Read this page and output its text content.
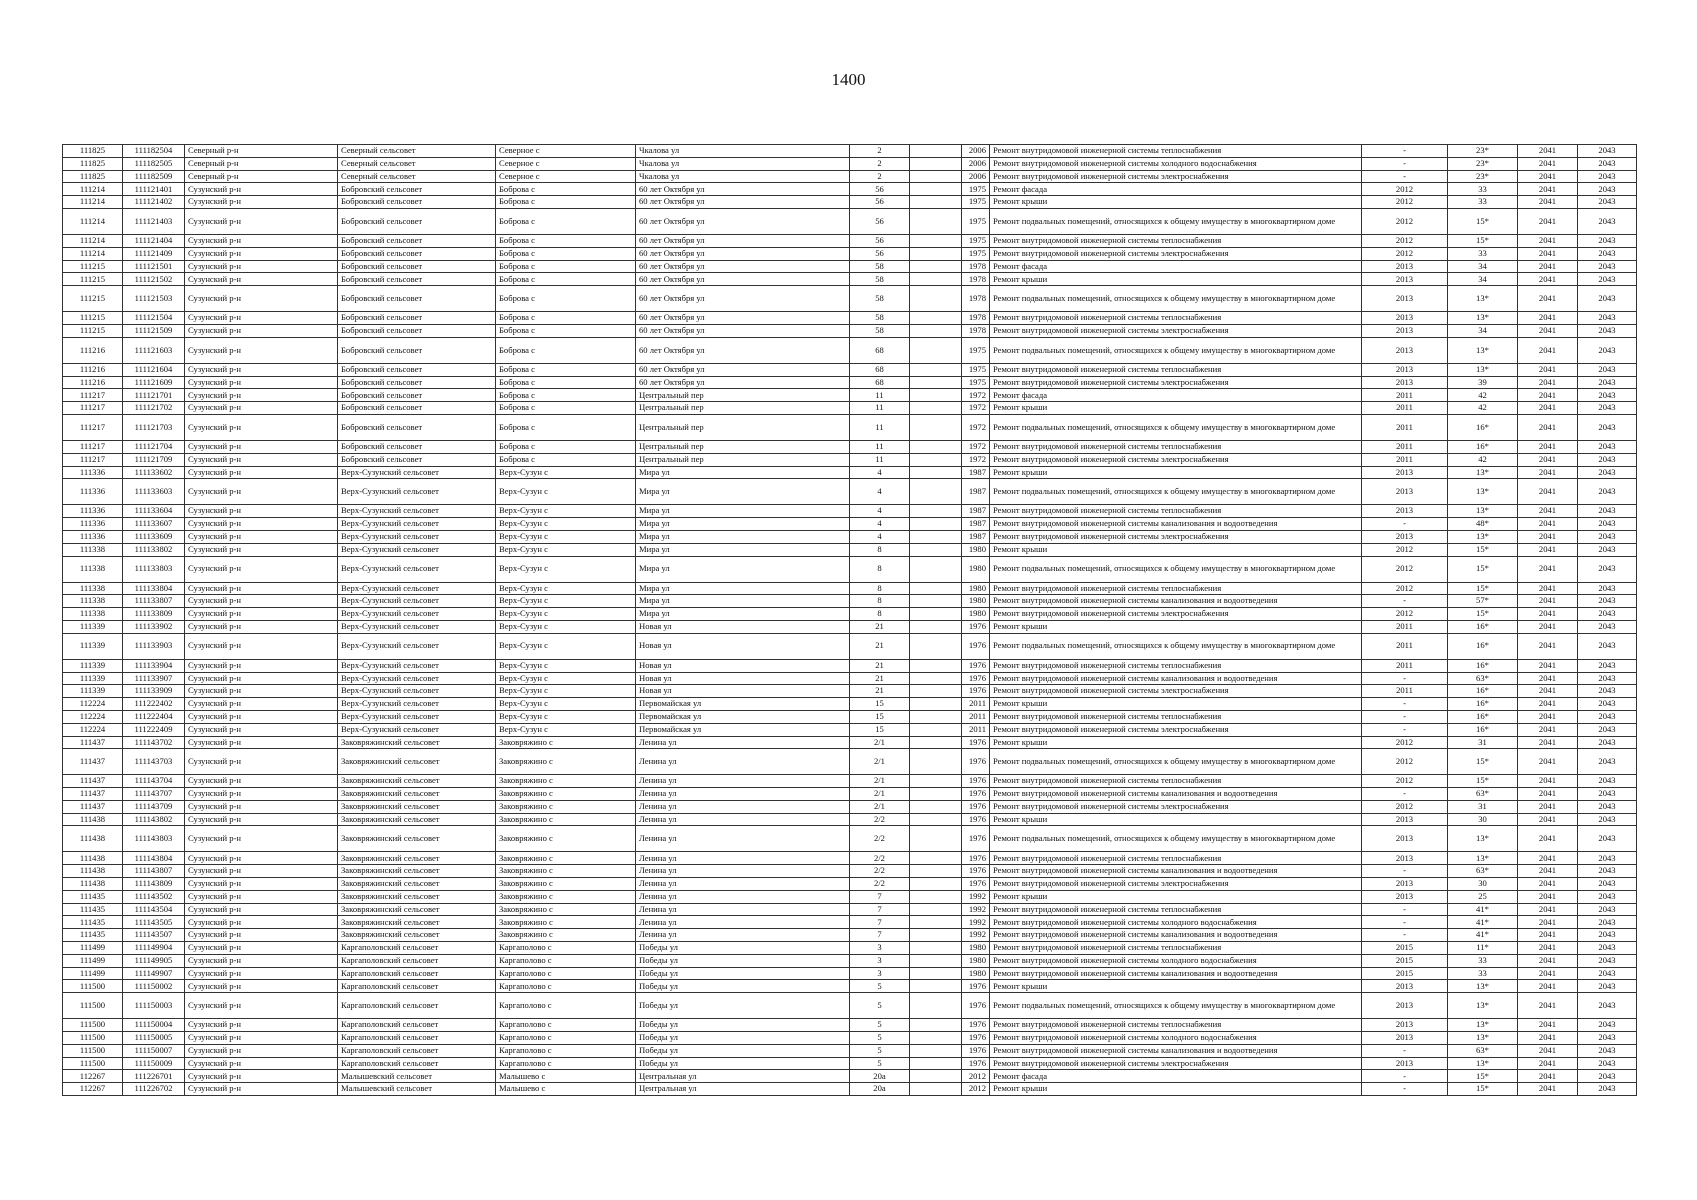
1400
111825	111182504	Северный р-н	Северный сельсовет	Северное с	Чкалова ул	2		2006	Ремонт внутридомовой инженерной системы теплоснабжения	-	23*	2041	2043
111825	111182505	Северный р-н	Северный сельсовет	Северное с	Чкалова ул	2		2006	Ремонт внутридомовой инженерной системы холодного водоснабжения	-	23*	2041	2043
111825	111182509	Северный р-н	Северный сельсовет	Северное с	Чкалова ул	2		2006	Ремонт внутридомовой инженерной системы электроснабжения	-	23*	2041	2043
111214	111121401	Сузунский р-н	Бобровский сельсовет	Боброва с	60 лет Октября ул	56		1975	Ремонт фасада	2012	33	2041	2043
111214	111121402	Сузунский р-н	Бобровский сельсовет	Боброва с	60 лет Октября ул	56		1975	Ремонт крыши	2012	33	2041	2043
111214	111121403	Сузунский р-н	Бобровский сельсовет	Боброва с	60 лет Октября ул	56		1975	Ремонт подвальных помещений, относящихся к общему имуществу в многоквартирном доме	2012	15*	2041	2043
111214	111121404	Сузунский р-н	Бобровский сельсовет	Боброва с	60 лет Октября ул	56		1975	Ремонт внутридомовой инженерной системы теплоснабжения	2012	15*	2041	2043
111214	111121409	Сузунский р-н	Бобровский сельсовет	Боброва с	60 лет Октября ул	56		1975	Ремонт внутридомовой инженерной системы электроснабжения	2012	33	2041	2043
111215	111121501	Сузунский р-н	Бобровский сельсовет	Боброва с	60 лет Октября ул	58		1978	Ремонт фасада	2013	34	2041	2043
111215	111121502	Сузунский р-н	Бобровский сельсовет	Боброва с	60 лет Октября ул	58		1978	Ремонт крыши	2013	34	2041	2043
111215	111121503	Сузунский р-н	Бобровский сельсовет	Боброва с	60 лет Октября ул	58		1978	Ремонт подвальных помещений, относящихся к общему имуществу в многоквартирном доме	2013	13*	2041	2043
111215	111121504	Сузунский р-н	Бобровский сельсовет	Боброва с	60 лет Октября ул	58		1978	Ремонт внутридомовой инженерной системы теплоснабжения	2013	13*	2041	2043
111215	111121509	Сузунский р-н	Бобровский сельсовет	Боброва с	60 лет Октября ул	58		1978	Ремонт внутридомовой инженерной системы электроснабжения	2013	34	2041	2043
111216	111121603	Сузунский р-н	Бобровский сельсовет	Боброва с	60 лет Октября ул	68		1975	Ремонт подвальных помещений, относящихся к общему имуществу в многоквартирном доме	2013	13*	2041	2043
111216	111121604	Сузунский р-н	Бобровский сельсовет	Боброва с	60 лет Октября ул	68		1975	Ремонт внутридомовой инженерной системы теплоснабжения	2013	13*	2041	2043
111216	111121609	Сузунский р-н	Бобровский сельсовет	Боброва с	60 лет Октября ул	68		1975	Ремонт внутридомовой инженерной системы электроснабжения	2013	39	2041	2043
111217	111121701	Сузунский р-н	Бобровский сельсовет	Боброва с	Центральный пер	11		1972	Ремонт фасада	2011	42	2041	2043
111217	111121702	Сузунский р-н	Бобровский сельсовет	Боброва с	Центральный пер	11		1972	Ремонт крыши	2011	42	2041	2043
111217	111121703	Сузунский р-н	Бобровский сельсовет	Боброва с	Центральный пер	11		1972	Ремонт подвальных помещений, относящихся к общему имуществу в многоквартирном доме	2011	16*	2041	2043
111217	111121704	Сузунский р-н	Бобровский сельсовет	Боброва с	Центральный пер	11		1972	Ремонт внутридомовой инженерной системы теплоснабжения	2011	16*	2041	2043
111217	111121709	Сузунский р-н	Бобровский сельсовет	Боброва с	Центральный пер	11		1972	Ремонт внутридомовой инженерной системы электроснабжения	2011	42	2041	2043
111336	111133602	Сузунский р-н	Верх-Сузунский сельсовет	Верх-Сузун с	Мира ул	4		1987	Ремонт крыши	2013	13*	2041	2043
111336	111133603	Сузунский р-н	Верх-Сузунский сельсовет	Верх-Сузун с	Мира ул	4		1987	Ремонт подвальных помещений, относящихся к общему имуществу в многоквартирном доме	2013	13*	2041	2043
111336	111133604	Сузунский р-н	Верх-Сузунский сельсовет	Верх-Сузун с	Мира ул	4		1987	Ремонт внутридомовой инженерной системы теплоснабжения	2013	13*	2041	2043
111336	111133607	Сузунский р-н	Верх-Сузунский сельсовет	Верх-Сузун с	Мира ул	4		1987	Ремонт внутридомовой инженерной системы канализования и водоотведения	-	48*	2041	2043
111336	111133609	Сузунский р-н	Верх-Сузунский сельсовет	Верх-Сузун с	Мира ул	4		1987	Ремонт внутридомовой инженерной системы электроснабжения	2013	13*	2041	2043
111338	111133802	Сузунский р-н	Верх-Сузунский сельсовет	Верх-Сузун с	Мира ул	8		1980	Ремонт крыши	2012	15*	2041	2043
111338	111133803	Сузунский р-н	Верх-Сузунский сельсовет	Верх-Сузун с	Мира ул	8		1980	Ремонт подвальных помещений, относящихся к общему имуществу в многоквартирном доме	2012	15*	2041	2043
111338	111133804	Сузунский р-н	Верх-Сузунский сельсовет	Верх-Сузун с	Мира ул	8		1980	Ремонт внутридомовой инженерной системы теплоснабжения	2012	15*	2041	2043
111338	111133807	Сузунский р-н	Верх-Сузунский сельсовет	Верх-Сузун с	Мира ул	8		1980	Ремонт внутридомовой инженерной системы канализования и водоотведения	-	57*	2041	2043
111338	111133809	Сузунский р-н	Верх-Сузунский сельсовет	Верх-Сузун с	Мира ул	8		1980	Ремонт внутридомовой инженерной системы электроснабжения	2012	15*	2041	2043
111339	111133902	Сузунский р-н	Верх-Сузунский сельсовет	Верх-Сузун с	Новая ул	21		1976	Ремонт крыши	2011	16*	2041	2043
111339	111133903	Сузунский р-н	Верх-Сузунский сельсовет	Верх-Сузун с	Новая ул	21		1976	Ремонт подвальных помещений, относящихся к общему имуществу в многоквартирном доме	2011	16*	2041	2043
111339	111133904	Сузунский р-н	Верх-Сузунский сельсовет	Верх-Сузун с	Новая ул	21		1976	Ремонт внутридомовой инженерной системы теплоснабжения	2011	16*	2041	2043
111339	111133907	Сузунский р-н	Верх-Сузунский сельсовет	Верх-Сузун с	Новая ул	21		1976	Ремонт внутридомовой инженерной системы канализования и водоотведения	-	63*	2041	2043
111339	111133909	Сузунский р-н	Верх-Сузунский сельсовет	Верх-Сузун с	Новая ул	21		1976	Ремонт внутридомовой инженерной системы электроснабжения	2011	16*	2041	2043
112224	111222402	Сузунский р-н	Верх-Сузунский сельсовет	Верх-Сузун с	Первомайская ул	15		2011	Ремонт крыши	-	16*	2041	2043
112224	111222404	Сузунский р-н	Верх-Сузунский сельсовет	Верх-Сузун с	Первомайская ул	15		2011	Ремонт внутридомовой инженерной системы теплоснабжения	-	16*	2041	2043
112224	111222409	Сузунский р-н	Верх-Сузунский сельсовет	Верх-Сузун с	Первомайская ул	15		2011	Ремонт внутридомовой инженерной системы электроснабжения	-	16*	2041	2043
111437	111143702	Сузунский р-н	Заковряжинский сельсовет	Заковряжино с	Ленина ул	2/1		1976	Ремонт крыши	2012	31	2041	2043
111437	111143703	Сузунский р-н	Заковряжинский сельсовет	Заковряжино с	Ленина ул	2/1		1976	Ремонт подвальных помещений, относящихся к общему имуществу в многоквартирном доме	2012	15*	2041	2043
111437	111143704	Сузунский р-н	Заковряжинский сельсовет	Заковряжино с	Ленина ул	2/1		1976	Ремонт внутридомовой инженерной системы теплоснабжения	2012	15*	2041	2043
111437	111143707	Сузунский р-н	Заковряжинский сельсовет	Заковряжино с	Ленина ул	2/1		1976	Ремонт внутридомовой инженерной системы канализования и водоотведения	-	63*	2041	2043
111437	111143709	Сузунский р-н	Заковряжинский сельсовет	Заковряжино с	Ленина ул	2/1		1976	Ремонт внутридомовой инженерной системы электроснабжения	2012	31	2041	2043
111438	111143802	Сузунский р-н	Заковряжинский сельсовет	Заковряжино с	Ленина ул	2/2		1976	Ремонт крыши	2013	30	2041	2043
111438	111143803	Сузунский р-н	Заковряжинский сельсовет	Заковряжино с	Ленина ул	2/2		1976	Ремонт подвальных помещений, относящихся к общему имуществу в многоквартирном доме	2013	13*	2041	2043
111438	111143804	Сузунский р-н	Заковряжинский сельсовет	Заковряжино с	Ленина ул	2/2		1976	Ремонт внутридомовой инженерной системы теплоснабжения	2013	13*	2041	2043
111438	111143807	Сузунский р-н	Заковряжинский сельсовет	Заковряжино с	Ленина ул	2/2		1976	Ремонт внутридомовой инженерной системы канализования и водоотведения	-	63*	2041	2043
111438	111143809	Сузунский р-н	Заковряжинский сельсовет	Заковряжино с	Ленина ул	2/2		1976	Ремонт внутридомовой инженерной системы электроснабжения	2013	30	2041	2043
111435	111143502	Сузунский р-н	Заковряжинский сельсовет	Заковряжино с	Ленина ул	7		1992	Ремонт крыши	2013	25	2041	2043
111435	111143504	Сузунский р-н	Заковряжинский сельсовет	Заковряжино с	Ленина ул	7		1992	Ремонт внутридомовой инженерной системы теплоснабжения	-	41*	2041	2043
111435	111143505	Сузунский р-н	Заковряжинский сельсовет	Заковряжино с	Ленина ул	7		1992	Ремонт внутридомовой инженерной системы холодного водоснабжения	-	41*	2041	2043
111435	111143507	Сузунский р-н	Заковряжинский сельсовет	Заковряжино с	Ленина ул	7		1992	Ремонт внутридомовой инженерной системы канализования и водоотведения	-	41*	2041	2043
111499	111149904	Сузунский р-н	Каргаполовский сельсовет	Каргаполово с	Победы ул	3		1980	Ремонт внутридомовой инженерной системы теплоснабжения	2015	11*	2041	2043
111499	111149905	Сузунский р-н	Каргаполовский сельсовет	Каргаполово с	Победы ул	3		1980	Ремонт внутридомовой инженерной системы холодного водоснабжения	2015	33	2041	2043
111499	111149907	Сузунский р-н	Каргаполовский сельсовет	Каргаполово с	Победы ул	3		1980	Ремонт внутридомовой инженерной системы канализования и водоотведения	2015	33	2041	2043
111500	111150002	Сузунский р-н	Каргаполовский сельсовет	Каргаполово с	Победы ул	5		1976	Ремонт крыши	2013	13*	2041	2043
111500	111150003	Сузунский р-н	Каргаполовский сельсовет	Каргаполово с	Победы ул	5		1976	Ремонт подвальных помещений, относящихся к общему имуществу в многоквартирном доме	2013	13*	2041	2043
111500	111150004	Сузунский р-н	Каргаполовский сельсовет	Каргаполово с	Победы ул	5		1976	Ремонт внутридомовой инженерной системы теплоснабжения	2013	13*	2041	2043
111500	111150005	Сузунский р-н	Каргаполовский сельсовет	Каргаполово с	Победы ул	5		1976	Ремонт внутридомовой инженерной системы холодного водоснабжения	2013	13*	2041	2043
111500	111150007	Сузунский р-н	Каргаполовский сельсовет	Каргаполово с	Победы ул	5		1976	Ремонт внутридомовой инженерной системы канализования и водоотведения	-	63*	2041	2043
111500	111150009	Сузунский р-н	Каргаполовский сельсовет	Каргаполово с	Победы ул	5		1976	Ремонт внутридомовой инженерной системы электроснабжения	2013	13*	2041	2043
112267	111226701	Сузунский р-н	Малышевский сельсовет	Малышево с	Центральная ул	20а		2012	Ремонт фасада	-	15*	2041	2043
112267	111226702	Сузунский р-н	Малышевский сельсовет	Малышево с	Центральная ул	20а		2012	Ремонт крыши	-	15*	2041	2043
